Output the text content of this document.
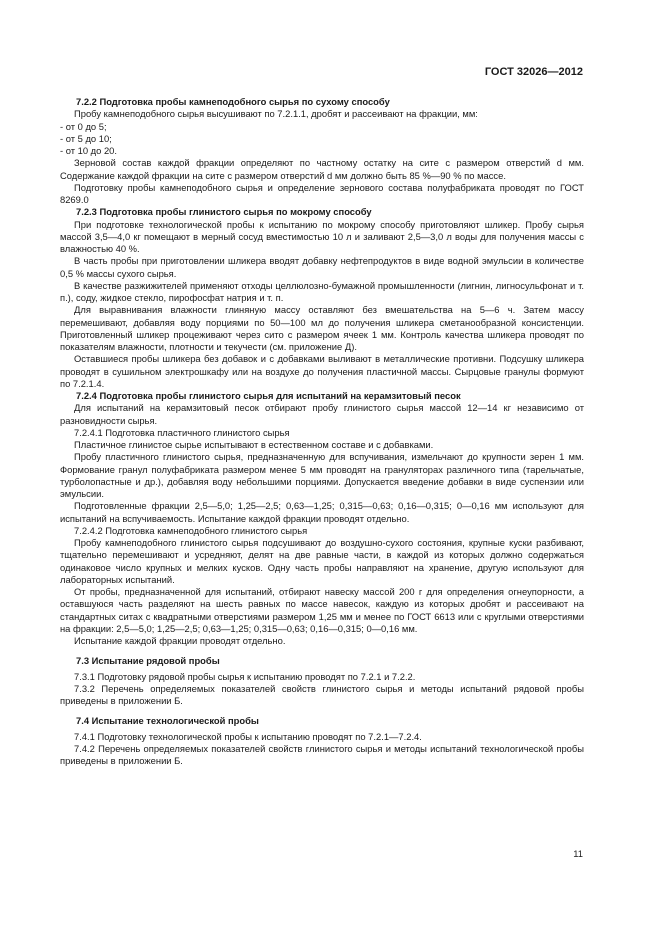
ГОСТ 32026—2012
7.2.2 Подготовка пробы камнеподобного сырья по сухому способу

Пробу камнеподобного сырья высушивают по 7.2.1.1, дробят и рассеивают на фракции, мм:

- от 0 до 5;

- от 5 до 10;

- от 10 до 20.

Зерновой состав каждой фракции определяют по частному остатку на сите с размером отверстий d мм. Содержание каждой фракции на сите с размером отверстий d мм должно быть 85 %—90 % по массе.

Подготовку пробы камнеподобного сырья и определение зернового состава полуфабриката проводят по ГОСТ 8269.0

7.2.3 Подготовка пробы глинистого сырья по мокрому способу

При подготовке технологической пробы к испытанию по мокрому способу приготовляют шликер. Пробу сырья массой 3,5—4,0 кг помещают в мерный сосуд вместимостью 10 л и заливают 2,5—3,0 л воды для получения массы с влажностью 40 %.

В часть пробы при приготовлении шликера вводят добавку нефтепродуктов в виде водной эмульсии в количестве 0,5 % массы сухого сырья.

В качестве разжижителей применяют отходы целлюлозно-бумажной промышленности (лигнин, лигносульфонат и т. п.), соду, жидкое стекло, пирофосфат натрия и т. п.

Для выравнивания влажности глиняную массу оставляют без вмешательства на 5—6 ч. Затем массу перемешивают, добавляя воду порциями по 50—100 мл до получения шликера сметанообразной консистенции. Приготовленный шликер процеживают через сито с размером ячеек 1 мм. Контроль качества шликера проводят по показателям влажности, плотности и текучести (см. приложение Д).

Оставшиеся пробы шликера без добавок и с добавками выливают в металлические противни. Подсушку шликера проводят в сушильном электрошкафу или на воздухе до получения пластичной массы. Сырцовые гранулы формуют по 7.2.1.4.

7.2.4 Подготовка пробы глинистого сырья для испытаний на керамзитовый песок

Для испытаний на керамзитовый песок отбирают пробу глинистого сырья массой 12—14 кг независимо от разновидности сырья.

7.2.4.1 Подготовка пластичного глинистого сырья

Пластичное глинистое сырье испытывают в естественном составе и с добавками.

Пробу пластичного глинистого сырья, предназначенную для вспучивания, измельчают до крупности зерен 1 мм. Формование гранул полуфабриката размером менее 5 мм проводят на грануляторах различного типа (тарельчатые, турболопастные и др.), добавляя воду небольшими порциями. Допускается введение добавки в виде суспензии или эмульсии.

Подготовленные фракции 2,5—5,0; 1,25—2,5; 0,63—1,25; 0,315—0,63; 0,16—0,315; 0—0,16 мм используют для испытаний на вспучиваемость. Испытание каждой фракции проводят отдельно.

7.2.4.2 Подготовка камнеподобного глинистого сырья

Пробу камнеподобного глинистого сырья подсушивают до воздушно-сухого состояния, крупные куски разбивают, тщательно перемешивают и усредняют, делят на две равные части, в каждой из которых должно содержаться одинаковое число крупных и мелких кусков. Одну часть пробы направляют на хранение, другую используют для лабораторных испытаний.

От пробы, предназначенной для испытаний, отбирают навеску массой 200 г для определения огнеупорности, а оставшуюся часть разделяют на шесть равных по массе навесок, каждую из которых дробят и рассеивают на стандартных ситах с квадратными отверстиями размером 1,25 мм и менее по ГОСТ 6613 или с круглыми отверстиями на фракции: 2,5—5,0; 1,25—2,5; 0,63—1,25; 0,315—0,63; 0,16—0,315; 0—0,16 мм.

Испытание каждой фракции проводят отдельно.

7.3 Испытание рядовой пробы

7.3.1 Подготовку рядовой пробы сырья к испытанию проводят по 7.2.1 и 7.2.2.

7.3.2 Перечень определяемых показателей свойств глинистого сырья и методы испытаний рядовой пробы приведены в приложении Б.

7.4 Испытание технологической пробы

7.4.1 Подготовку технологической пробы к испытанию проводят по 7.2.1—7.2.4.

7.4.2 Перечень определяемых показателей свойств глинистого сырья и методы испытаний технологической пробы приведены в приложении Б.

11
